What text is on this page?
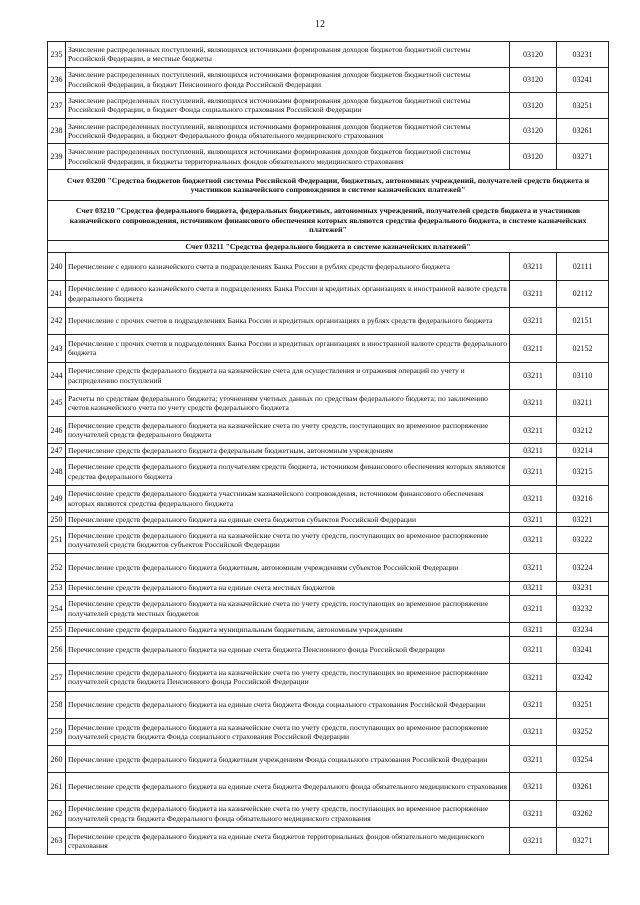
12
235	Зачисление распределенных поступлений, являющихся источниками формирования доходов бюджетов бюджетной системы Российской Федерации, в местные бюджеты	03120	03231
236	Зачисление распределенных поступлений, являющихся источниками формирования доходов бюджетов бюджетной системы Российской Федерации, в бюджет Пенсионного фонда Российской Федерации	03120	03241
237	Зачисление распределенных поступлений, являющихся источниками формирования доходов бюджетов бюджетной системы Российской Федерации, в бюджет Фонда социального страхования Российской Федерации	03120	03251
238	Зачисление распределенных поступлений, являющихся источниками формирования доходов бюджетов бюджетной системы Российской Федерации, в бюджет Федерального фонда обязательного медицинского страхования	03120	03261
239	Зачисление распределенных поступлений, являющихся источниками формирования доходов бюджетов бюджетной системы Российской Федерации, в бюджеты территориальных фондов обязательного медицинского страхования	03120	03271
Счет 03200 "Средства бюджетов бюджетной системы Российской Федерации, бюджетных, автономных учреждений, получателей средств бюджета и участников казначейского сопровождения в системе казначейских платежей"			
Счет 03210 "Средства федерального бюджета, федеральных бюджетных, автономных учреждений, получателей средств бюджета и участников казначейского сопровождения, источником финансового обеспечения которых являются средства федерального бюджета, в системе казначейских платежей"			
Счет 03211 "Средства федерального бюджета в системе казначейских платежей"			
240	Перечисление с единого казначейского счета в подразделениях Банка России в рублях средств федерального бюджета	03211	02111
241	Перечисление с единого казначейского счета в подразделениях Банка России и кредитных организациях в иностранной валюте средств федерального бюджета	03211	02112
242	Перечисление с прочих счетов в подразделениях Банка России и кредитных организациях в рублях средств федерального бюджета	03211	02151
243	Перечисление с прочих счетов в подразделениях Банка России и кредитных организациях в иностранной валюте средств федерального бюджета	03211	02152
244	Перечисление средств федерального бюджета на казначейские счета для осуществления и отражения операций по учету и распределению поступлений	03211	03110
245	Расчеты по средствам федерального бюджета; уточнениям учетных данных по средствам федерального бюджета; по заключению счетов казначейского учета по учету средств федерального бюджета	03211	03211
246	Перечисление средств федерального бюджета на казначейские счета по учету средств, поступающих во временное распоряжение получателей средств федерального бюджета	03211	03212
247	Перечисление средств федерального бюджета федеральным бюджетным, автономным учреждениям	03211	03214
248	Перечисление средств федерального бюджета получателям средств бюджета, источником финансового обеспечения которых являются средства федерального бюджета	03211	03215
249	Перечисление средств федерального бюджета участникам казначейского сопровождения, источником финансового обеспечения которых являются средства федерального бюджета	03211	03216
250	Перечисление средств федерального бюджета на единые счета бюджетов субъектов Российской Федерации	03211	03221
251	Перечисление средств федерального бюджета на казначейские счета по учету средств, поступающих во временное распоряжение получателей средств бюджетов субъектов Российской Федерации	03211	03222
252	Перечисление средств федерального бюджета бюджетным, автономным учреждениям субъектов Российской Федерации	03211	03224
253	Перечисление средств федерального бюджета на единые счета местных бюджетов	03211	03231
254	Перечисление средств федерального бюджета на казначейские счета по учету средств, поступающих во временное распоряжение получателей средств местных бюджетов	03211	03232
255	Перечисление средств федерального бюджета муниципальным бюджетным, автономным учреждениям	03211	03234
256	Перечисление средств федерального бюджета на единые счета бюджета Пенсионного фонда Российской Федерации	03211	03241
257	Перечисление средств федерального бюджета на казначейские счета по учету средств, поступающих во временное распоряжение получателей средств бюджета Пенсионного фонда Российской Федерации	03211	03242
258	Перечисление средств федерального бюджета на единые счета бюджета Фонда социального страхования Российской Федерации	03211	03251
259	Перечисление средств федерального бюджета на казначейские счета по учету средств, поступающих во временное распоряжение получателей средств бюджета Фонда социального страхования Российской Федерации	03211	03252
260	Перечисление средств федерального бюджета бюджетным учреждениям Фонда социального страхования Российской Федерации	03211	03254
261	Перечисление средств федерального бюджета на единые счета бюджета Федерального фонда обязательного медицинского страхования	03211	03261
262	Перечисление средств федерального бюджета на казначейские счета по учету средств, поступающих во временное распоряжение получателей средств бюджета Федерального фонда обязательного медицинского страхования	03211	03262
263	Перечисление средств федерального бюджета на единые счета бюджетов территориальных фондов обязательного медицинского страхования	03211	03271
